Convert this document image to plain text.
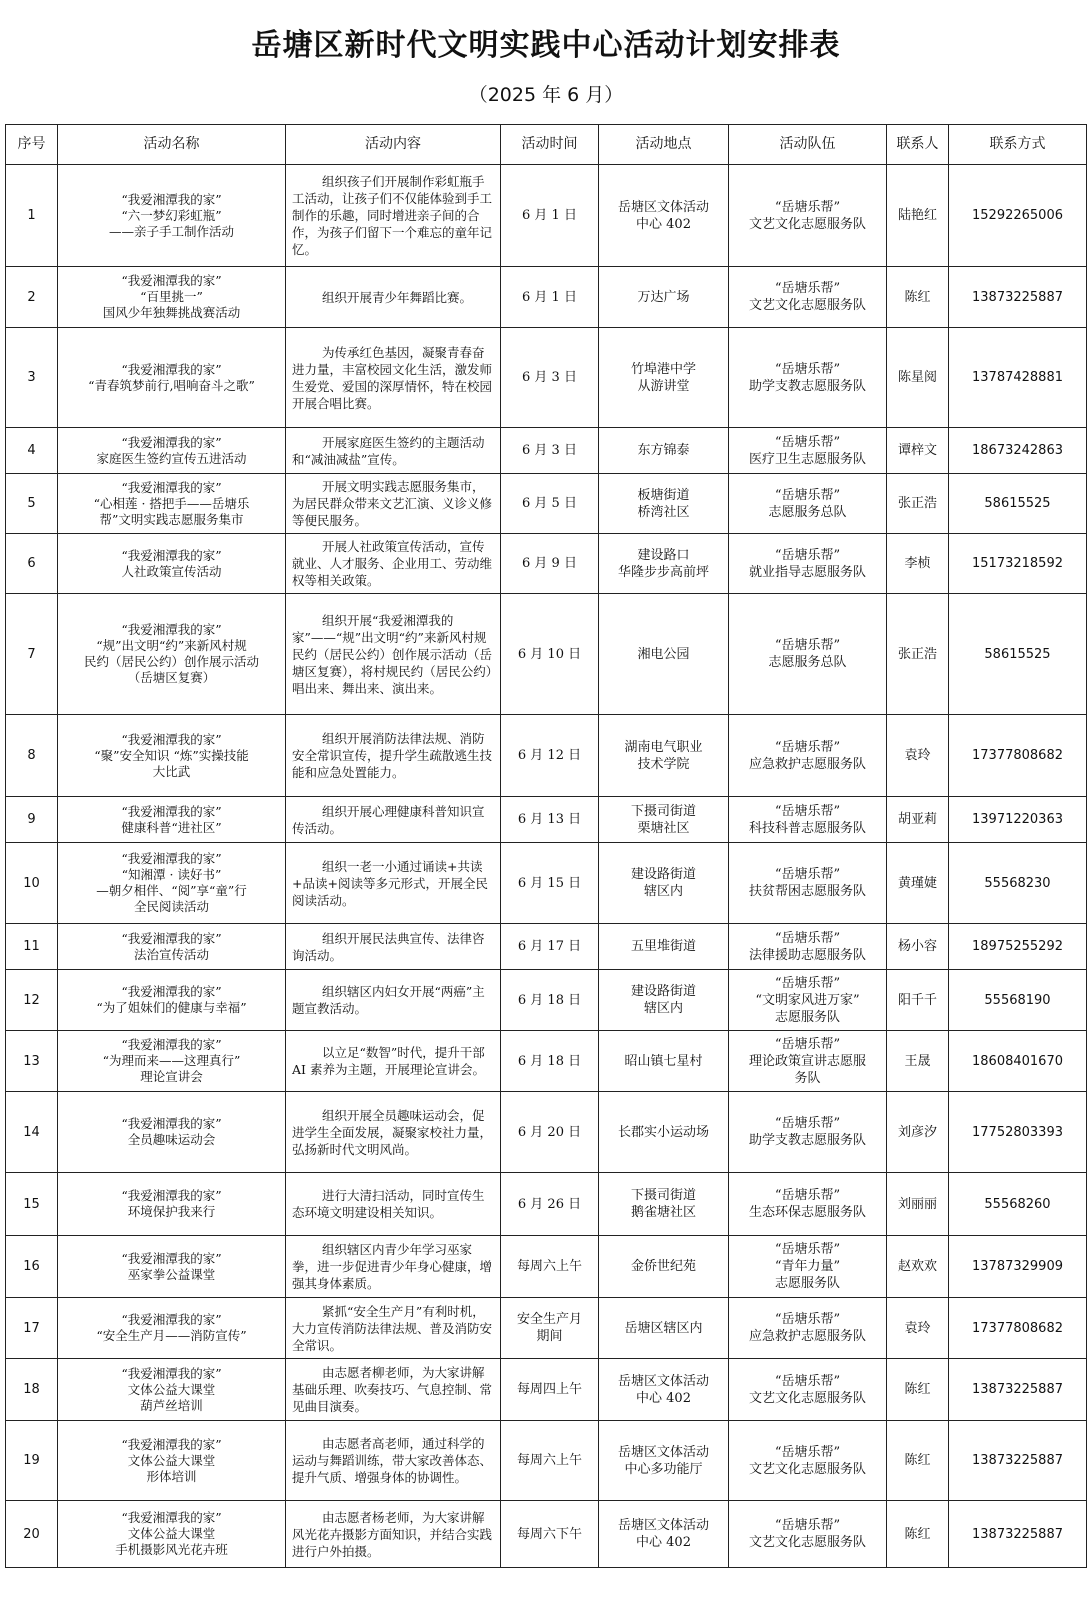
岳塘区新时代文明实践中心活动计划安排表
（2025 年 6 月）
序号	活动名称	活动内容	活动时间	活动地点	活动队伍	联系人	联系方式
1	“我爱湘潭我的家”
“六一梦幻彩虹瓶”
——亲子手工制作活动	组织孩子们开展制作彩虹瓶手工活动，让孩子们不仅能体验到手工制作的乐趣，同时增进亲子间的合作，为孩子们留下一个难忘的童年记忆。	6 月 1 日	岳塘区文体活动
中心 402	“岳塘乐帮”
文艺文化志愿服务队	陆艳红	15292265006
2	“我爱湘潭我的家”
“百里挑一”
国风少年独舞挑战赛活动	组织开展青少年舞蹈比赛。	6 月 1 日	万达广场	“岳塘乐帮”
文艺文化志愿服务队	陈红	13873225887
3	“我爱湘潭我的家”
“青春筑梦前行,唱响奋斗之歌”	为传承红色基因，凝聚青春奋进力量，丰富校园文化生活，激发师生爱党、爱国的深厚情怀，特在校园开展合唱比赛。	6 月 3 日	竹埠港中学
从游讲堂	“岳塘乐帮”
助学支教志愿服务队	陈星阅	13787428881
4	“我爱湘潭我的家”
家庭医生签约宣传五进活动	开展家庭医生签约的主题活动和“减油减盐”宣传。	6 月 3 日	东方锦泰	“岳塘乐帮”
医疗卫生志愿服务队	谭梓文	18673242863
5	“我爱湘潭我的家”
“心相莲 · 搭把手——岳塘乐
帮”文明实践志愿服务集市	开展文明实践志愿服务集市，为居民群众带来文艺汇演、义诊义修等便民服务。	6 月 5 日	板塘街道
桥湾社区	“岳塘乐帮”
志愿服务总队	张正浩	58615525
6	“我爱湘潭我的家”
人社政策宣传活动	开展人社政策宣传活动，宣传就业、人才服务、企业用工、劳动维权等相关政策。	6 月 9 日	建设路口
华隆步步高前坪	“岳塘乐帮”
就业指导志愿服务队	李桢	15173218592
7	“我爱湘潭我的家”
“规”出文明“约”来新风村规
民约（居民公约）创作展示活动
（岳塘区复赛）	组织开展“我爱湘潭我的家”——“规”出文明“约”来新风村规民约（居民公约）创作展示活动（岳塘区复赛），将村规民约（居民公约）唱出来、舞出来、演出来。	6 月 10 日	湘电公园	“岳塘乐帮”
志愿服务总队	张正浩	58615525
8	“我爱湘潭我的家”
“聚”安全知识 “炼”实操技能
大比武	组织开展消防法律法规、消防安全常识宣传，提升学生疏散逃生技能和应急处置能力。	6 月 12 日	湖南电气职业
技术学院	“岳塘乐帮”
应急救护志愿服务队	袁玲	17377808682
9	“我爱湘潭我的家”
健康科普“进社区”	组织开展心理健康科普知识宣传活动。	6 月 13 日	下摄司街道
栗塘社区	“岳塘乐帮”
科技科普志愿服务队	胡亚莉	13971220363
10	“我爱湘潭我的家”
“知湘潭 · 读好书”
—朝夕相伴、“阅”享“童”行
全民阅读活动	组织一老一小通过诵读+共读+品读+阅读等多元形式，开展全民阅读活动。	6 月 15 日	建设路街道
辖区内	“岳塘乐帮”
扶贫帮困志愿服务队	黄瑾婕	55568230
11	“我爱湘潭我的家”
法治宣传活动	组织开展民法典宣传、法律咨询活动。	6 月 17 日	五里堆街道	“岳塘乐帮”
法律援助志愿服务队	杨小容	18975255292
12	“我爱湘潭我的家”
“为了姐妹们的健康与幸福”	组织辖区内妇女开展“两癌”主题宣教活动。	6 月 18 日	建设路街道
辖区内	“岳塘乐帮”
“文明家风进万家”
志愿服务队	阳千千	55568190
13	“我爱湘潭我的家”
“为理而来——这理真行”
理论宣讲会	以立足“数智”时代，提升干部 AI 素养为主题，开展理论宣讲会。	6 月 18 日	昭山镇七星村	“岳塘乐帮”
理论政策宣讲志愿服
务队	王晟	18608401670
14	“我爱湘潭我的家”
全员趣味运动会	组织开展全员趣味运动会，促进学生全面发展，凝聚家校社力量，弘扬新时代文明风尚。	6 月 20 日	长郡实小运动场	“岳塘乐帮”
助学支教志愿服务队	刘彦汐	17752803393
15	“我爱湘潭我的家”
环境保护我来行	进行大清扫活动，同时宣传生态环境文明建设相关知识。	6 月 26 日	下摄司街道
鹅雀塘社区	“岳塘乐帮”
生态环保志愿服务队	刘丽丽	55568260
16	“我爱湘潭我的家”
巫家拳公益课堂	组织辖区内青少年学习巫家拳，进一步促进青少年身心健康，增强其身体素质。	每周六上午	金侨世纪苑	“岳塘乐帮”
“青年力量”
志愿服务队	赵欢欢	13787329909
17	“我爱湘潭我的家”
“安全生产月——消防宣传”	紧抓“安全生产月”有利时机，大力宣传消防法律法规、普及消防安全常识。	安全生产月
期间	岳塘区辖区内	“岳塘乐帮”
应急救护志愿服务队	袁玲	17377808682
18	“我爱湘潭我的家”
文体公益大课堂
葫芦丝培训	由志愿者柳老师，为大家讲解基础乐理、吹奏技巧、气息控制、常见曲目演奏。	每周四上午	岳塘区文体活动
中心 402	“岳塘乐帮”
文艺文化志愿服务队	陈红	13873225887
19	“我爱湘潭我的家”
文体公益大课堂
形体培训	由志愿者高老师，通过科学的运动与舞蹈训练，带大家改善体态、提升气质、增强身体的协调性。	每周六上午	岳塘区文体活动
中心多功能厅	“岳塘乐帮”
文艺文化志愿服务队	陈红	13873225887
20	“我爱湘潭我的家”
文体公益大课堂
手机摄影风光花卉班	由志愿者杨老师，为大家讲解风光花卉摄影方面知识，并结合实践进行户外拍摄。	每周六下午	岳塘区文体活动
中心 402	“岳塘乐帮”
文艺文化志愿服务队	陈红	13873225887
